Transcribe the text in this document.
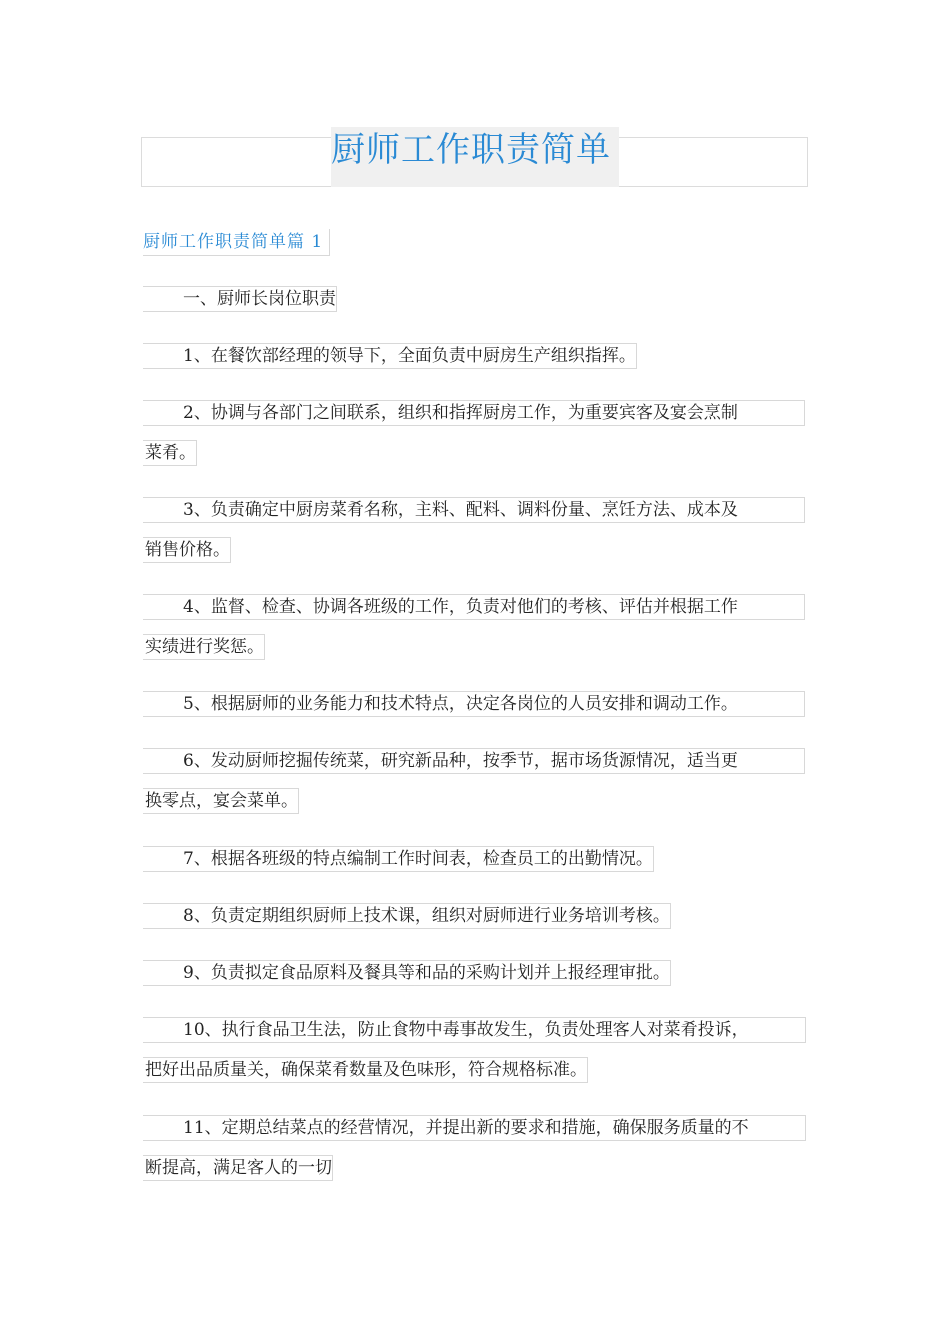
厨师工作职责简单
厨师工作职责简单篇 1
一、厨师长岗位职责
1、在餐饮部经理的领导下，全面负责中厨房生产组织指挥。
2、协调与各部门之间联系，组织和指挥厨房工作，为重要宾客及宴会烹制
菜肴。
3、负责确定中厨房菜肴名称，主料、配料、调料份量、烹饪方法、成本及
销售价格。
4、监督、检查、协调各班级的工作，负责对他们的考核、评估并根据工作
实绩进行奖惩。
5、根据厨师的业务能力和技术特点，决定各岗位的人员安排和调动工作。
6、发动厨师挖掘传统菜，研究新品种，按季节，据市场货源情况，适当更
换零点，宴会菜单。
7、根据各班级的特点编制工作时间表，检查员工的出勤情况。
8、负责定期组织厨师上技术课，组织对厨师进行业务培训考核。
9、负责拟定食品原料及餐具等和品的采购计划并上报经理审批。
10、执行食品卫生法，防止食物中毒事故发生，负责处理客人对菜肴投诉，
把好出品质量关，确保菜肴数量及色味形，符合规格标准。
11、定期总结菜点的经营情况，并提出新的要求和措施，确保服务质量的不
断提高，满足客人的一切
